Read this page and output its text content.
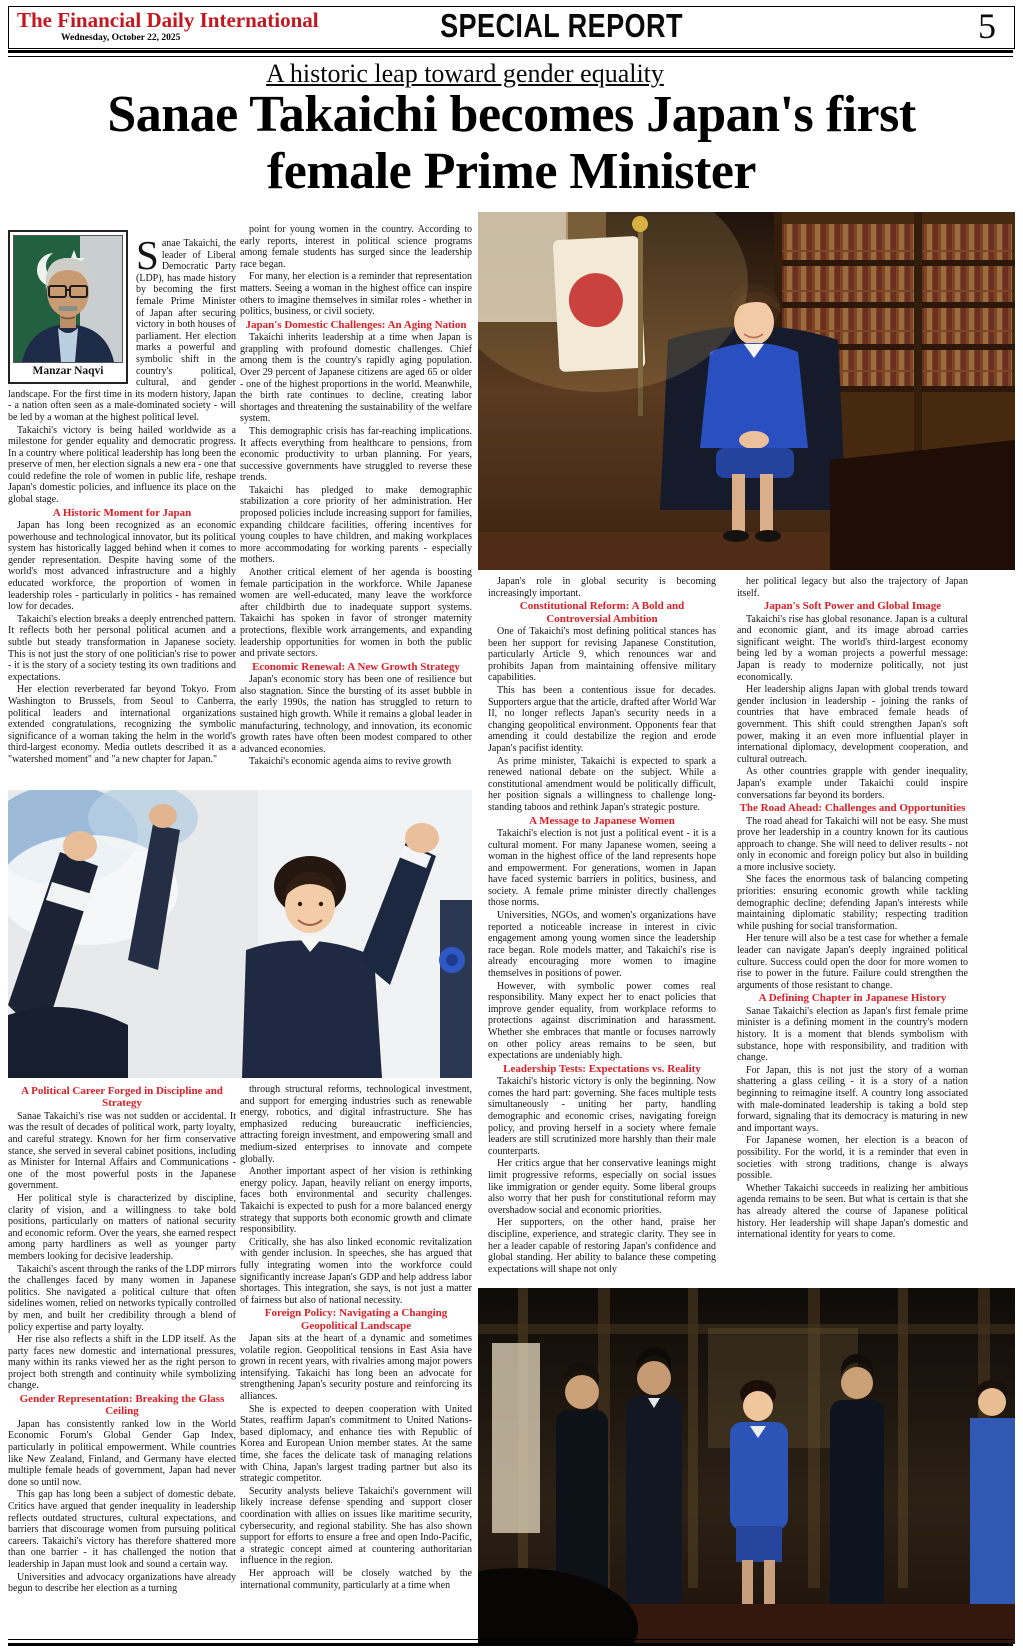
The Financial Daily International
Wednesday, October 22, 2025	SPECIAL REPORT	5
A historic leap toward gender equality
Sanae Takaichi becomes Japan's first
female Prime Minister
Manzar Naqvi

Sanae Takaichi, the leader of Liberal Democratic Party (LDP), has made history by becoming the first female Prime Minister of Japan after securing victory in both houses of parliament. Her election marks a powerful and symbolic shift in the country's political, cultural, and gender landscape. For the first time in its modern history, Japan - a nation often seen as a male-dominated society - will be led by a woman at the highest political level.

Takaichi's victory is being hailed worldwide as a milestone for gender equality and democratic progress. In a country where political leadership has long been the preserve of men, her election signals a new era - one that could redefine the role of women in public life, reshape Japan's domestic policies, and influence its place on the global stage.

A Historic Moment for Japan

Japan has long been recognized as an economic powerhouse and technological innovator, but its political system has historically lagged behind when it comes to gender representation. Despite having some of the world's most advanced infrastructure and a highly educated workforce, the proportion of women in leadership roles - particularly in politics - has remained low for decades.

Takaichi's election breaks a deeply entrenched pattern. It reflects both her personal political acumen and a subtle but steady transformation in Japanese society. This is not just the story of one politician's rise to power - it is the story of a society testing its own traditions and expectations.

Her election reverberated far beyond Tokyo. From Washington to Brussels, from Seoul to Canberra, political leaders and international organizations extended congratulations, recognizing the symbolic significance of a woman taking the helm in the world's third-largest economy. Media outlets described it as a "watershed moment" and "a new chapter for Japan."

point for young women in the country. According to early reports, interest in political science programs among female students has surged since the leadership race began.

For many, her election is a reminder that representation matters. Seeing a woman in the highest office can inspire others to imagine themselves in similar roles - whether in politics, business, or civil society.

Japan's Domestic Challenges: An Aging Nation

Takaichi inherits leadership at a time when Japan is grappling with profound domestic challenges. Chief among them is the country's rapidly aging population. Over 29 percent of Japanese citizens are aged 65 or older - one of the highest proportions in the world. Meanwhile, the birth rate continues to decline, creating labor shortages and threatening the sustainability of the welfare system.

This demographic crisis has far-reaching implications. It affects everything from healthcare to pensions, from economic productivity to urban planning. For years, successive governments have struggled to reverse these trends.

Takaichi has pledged to make demographic stabilization a core priority of her administration. Her proposed policies include increasing support for families, expanding childcare facilities, offering incentives for young couples to have children, and making workplaces more accommodating for working parents - especially mothers.

Another critical element of her agenda is boosting female participation in the workforce. While Japanese women are well-educated, many leave the workforce after childbirth due to inadequate support systems. Takaichi has spoken in favor of stronger maternity protections, flexible work arrangements, and expanding leadership opportunities for women in both the public and private sectors.

Economic Renewal: A New Growth Strategy

Japan's economic story has been one of resilience but also stagnation. Since the bursting of its asset bubble in the early 1990s, the nation has struggled to return to sustained high growth. While it remains a global leader in manufacturing, technology, and innovation, its economic growth rates have often been modest compared to other advanced economies.

Takaichi's economic agenda aims to revive growth

Japan's role in global security is becoming increasingly important.

Constitutional Reform: A Bold and Controversial Ambition

One of Takaichi's most defining political stances has been her support for revising Japanese Constitution, particularly Article 9, which renounces war and prohibits Japan from maintaining offensive military capabilities.

This has been a contentious issue for decades. Supporters argue that the article, drafted after World War II, no longer reflects Japan's security needs in a changing geopolitical environment. Opponents fear that amending it could destabilize the region and erode Japan's pacifist identity.

As prime minister, Takaichi is expected to spark a renewed national debate on the subject. While a constitutional amendment would be politically difficult, her position signals a willingness to challenge long-standing taboos and rethink Japan's strategic posture.

A Message to Japanese Women

Takaichi's election is not just a political event - it is a cultural moment. For many Japanese women, seeing a woman in the highest office of the land represents hope and empowerment. For generations, women in Japan have faced systemic barriers in politics, business, and society. A female prime minister directly challenges those norms.

Universities, NGOs, and women's organizations have reported a noticeable increase in interest in civic engagement among young women since the leadership race began. Role models matter, and Takaichi's rise is already encouraging more women to imagine themselves in positions of power.

However, with symbolic power comes real responsibility. Many expect her to enact policies that improve gender equality, from workplace reforms to protections against discrimination and harassment. Whether she embraces that mantle or focuses narrowly on other policy areas remains to be seen, but expectations are undeniably high.

Leadership Tests: Expectations vs. Reality

Takaichi's historic victory is only the beginning. Now comes the hard part: governing. She faces multiple tests simultaneously - uniting her party, handling demographic and economic crises, navigating foreign policy, and proving herself in a society where female leaders are still scrutinized more harshly than their male counterparts.

Her critics argue that her conservative leanings might limit progressive reforms, especially on social issues like immigration or gender equity. Some liberal groups also worry that her push for constitutional reform may overshadow social and economic priorities.

Her supporters, on the other hand, praise her discipline, experience, and strategic clarity. They see in her a leader capable of restoring Japan's confidence and global standing. Her ability to balance these competing expectations will shape not only

her political legacy but also the trajectory of Japan itself.

Japan's Soft Power and Global Image

Takaichi's rise has global resonance. Japan is a cultural and economic giant, and its image abroad carries significant weight. The world's third-largest economy being led by a woman projects a powerful message: Japan is ready to modernize politically, not just economically.

Her leadership aligns Japan with global trends toward gender inclusion in leadership - joining the ranks of countries that have embraced female heads of government. This shift could strengthen Japan's soft power, making it an even more influential player in international diplomacy, development cooperation, and cultural outreach.

As other countries grapple with gender inequality, Japan's example under Takaichi could inspire conversations far beyond its borders.

The Road Ahead: Challenges and Opportunities

The road ahead for Takaichi will not be easy. She must prove her leadership in a country known for its cautious approach to change. She will need to deliver results - not only in economic and foreign policy but also in building a more inclusive society.

She faces the enormous task of balancing competing priorities: ensuring economic growth while tackling demographic decline; defending Japan's interests while maintaining diplomatic stability; respecting tradition while pushing for social transformation.

Her tenure will also be a test case for whether a female leader can navigate Japan's deeply ingrained political culture. Success could open the door for more women to rise to power in the future. Failure could strengthen the arguments of those resistant to change.

A Defining Chapter in Japanese History

Sanae Takaichi's election as Japan's first female prime minister is a defining moment in the country's modern history. It is a moment that blends symbolism with substance, hope with responsibility, and tradition with change.

For Japan, this is not just the story of a woman shattering a glass ceiling - it is a story of a nation beginning to reimagine itself. A country long associated with male-dominated leadership is taking a bold step forward, signaling that its democracy is maturing in new and important ways.

For Japanese women, her election is a beacon of possibility. For the world, it is a reminder that even in societies with strong traditions, change is always possible.

Whether Takaichi succeeds in realizing her ambitious agenda remains to be seen. But what is certain is that she has already altered the course of Japanese political history. Her leadership will shape Japan's domestic and international identity for years to come.

A Political Career Forged in Discipline and Strategy

Sanae Takaichi's rise was not sudden or accidental. It was the result of decades of political work, party loyalty, and careful strategy. Known for her firm conservative stance, she served in several cabinet positions, including as Minister for Internal Affairs and Communications - one of the most powerful posts in the Japanese government.

Her political style is characterized by discipline, clarity of vision, and a willingness to take bold positions, particularly on matters of national security and economic reform. Over the years, she earned respect among party hardliners as well as younger party members looking for decisive leadership.

Takaichi's ascent through the ranks of the LDP mirrors the challenges faced by many women in Japanese politics. She navigated a political culture that often sidelines women, relied on networks typically controlled by men, and built her credibility through a blend of policy expertise and party loyalty.

Her rise also reflects a shift in the LDP itself. As the party faces new domestic and international pressures, many within its ranks viewed her as the right person to project both strength and continuity while symbolizing change.

Gender Representation: Breaking the Glass Ceiling

Japan has consistently ranked low in the World Economic Forum's Global Gender Gap Index, particularly in political empowerment. While countries like New Zealand, Finland, and Germany have elected multiple female heads of government, Japan had never done so until now.

This gap has long been a subject of domestic debate. Critics have argued that gender inequality in leadership reflects outdated structures, cultural expectations, and barriers that discourage women from pursuing political careers. Takaichi's victory has therefore shattered more than one barrier - it has challenged the notion that leadership in Japan must look and sound a certain way.

Universities and advocacy organizations have already begun to describe her election as a turning

through structural reforms, technological investment, and support for emerging industries such as renewable energy, robotics, and digital infrastructure. She has emphasized reducing bureaucratic inefficiencies, attracting foreign investment, and empowering small and medium-sized enterprises to innovate and compete globally.

Another important aspect of her vision is rethinking energy policy. Japan, heavily reliant on energy imports, faces both environmental and security challenges. Takaichi is expected to push for a more balanced energy strategy that supports both economic growth and climate responsibility.

Critically, she has also linked economic revitalization with gender inclusion. In speeches, she has argued that fully integrating women into the workforce could significantly increase Japan's GDP and help address labor shortages. This integration, she says, is not just a matter of fairness but also of national necessity.

Foreign Policy: Navigating a Changing Geopolitical Landscape

Japan sits at the heart of a dynamic and sometimes volatile region. Geopolitical tensions in East Asia have grown in recent years, with rivalries among major powers intensifying. Takaichi has long been an advocate for strengthening Japan's security posture and reinforcing its alliances.

She is expected to deepen cooperation with United States, reaffirm Japan's commitment to United Nations-based diplomacy, and enhance ties with Republic of Korea and European Union member states. At the same time, she faces the delicate task of managing relations with China, Japan's largest trading partner but also its strategic competitor.

Security analysts believe Takaichi's government will likely increase defense spending and support closer coordination with allies on issues like maritime security, cybersecurity, and regional stability. She has also shown support for efforts to ensure a free and open Indo-Pacific, a strategic concept aimed at countering authoritarian influence in the region.

Her approach will be closely watched by the international community, particularly at a time when
